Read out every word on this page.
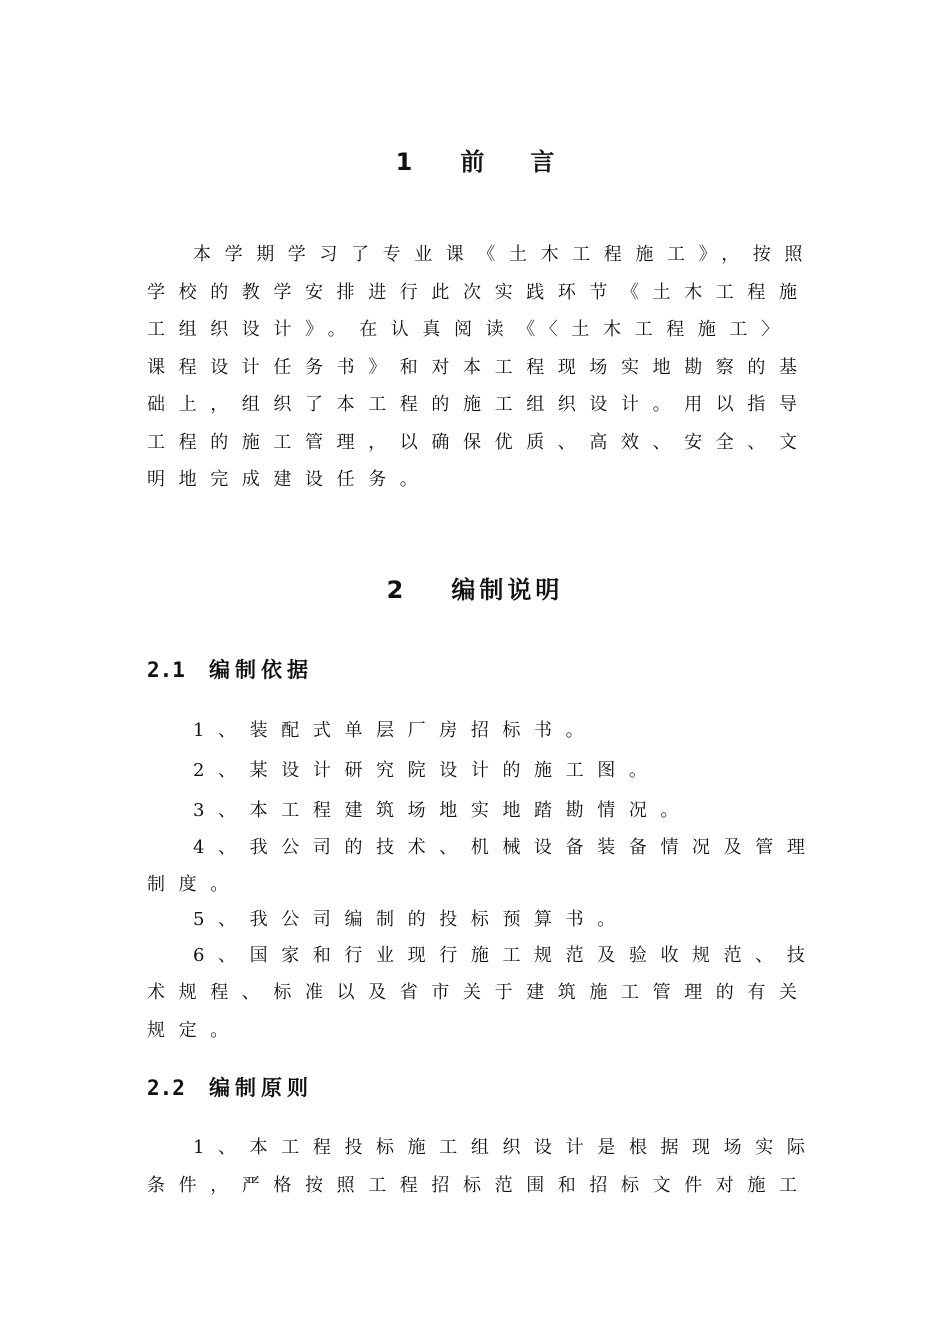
1 前言
本学期学习了专业课《土木工程施工》，按照
学校的教学安排进行此次实践环节《土木工程施
工组织设计》。在认真阅读《〈土木工程施工〉
课程设计任务书》和对本工程现场实地勘察的基
础上，组织了本工程的施工组织设计。用以指导
工程的施工管理，以确保优质、高效、安全、文
明地完成建设任务。
2 编制说明
2.1 编制依据
1、装配式单层厂房招标书。
2、某设计研究院设计的施工图。
3、本工程建筑场地实地踏勘情况。
4、我公司的技术、机械设备装备情况及管理
制度。
5、我公司编制的投标预算书。
6、国家和行业现行施工规范及验收规范、技
术规程、标准以及省市关于建筑施工管理的有关
规定。
2.2 编制原则
1、本工程投标施工组织设计是根据现场实际
条件，严格按照工程招标范围和招标文件对施工
